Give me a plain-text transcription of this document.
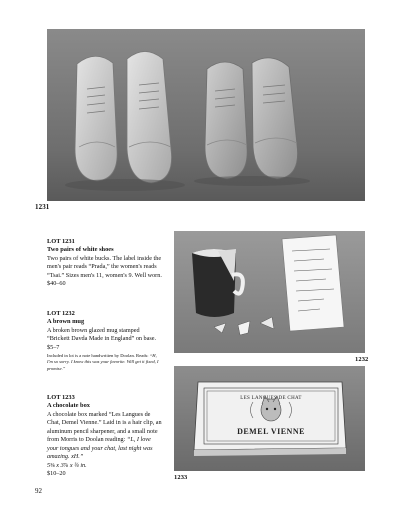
1231
1232
LES LANGUES DE CHAT
DEMEL VIENNE
1233
LOT 1231
Two pairs of white shoes
Two pairs of white bucks. The label inside the men's pair reads “Prada,” the women's reads “Tsai.” Sizes men's 11, women's 9. Well worn.
$40–60
LOT 1232
A brown mug
A broken brown glazed mug stamped “Brickett Davda Made in England” on base.
$5–7
Included in lot is a note handwritten by Doolan. Reads: “H, I'm so sorry. I know this was your favorite. Will get it fixed, I promise.”
LOT 1233
A chocolate box
A chocolate box marked “Les Langues de Chat, Demel Vienne.” Laid in is a hair clip, an aluminum pencil sharpener, and a small note from Morris to Doolan reading: “L, I love your tongues and your chat, last night was amazing. xH.”
5⅝ x 3⅞ x ¾ in.
$10–20
92
